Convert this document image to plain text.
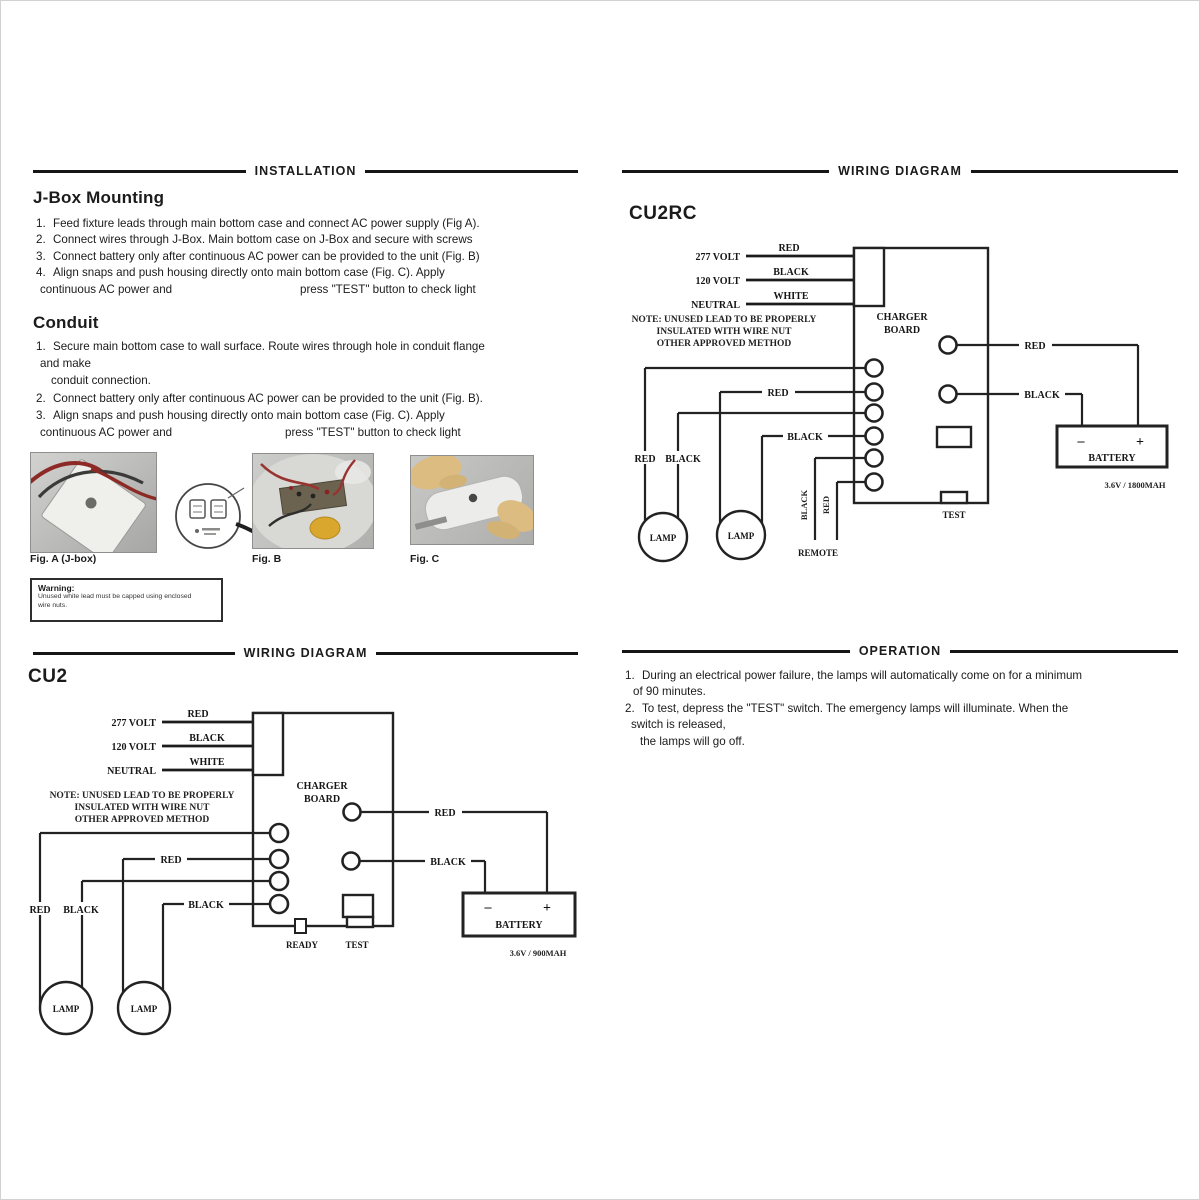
INSTALLATION	WIRING DIAGRAM
WIRING DIAGRAM	OPERATION
J-Box Mounting
1. Feed fixture leads through main bottom case and connect AC power supply (Fig A).
2. Connect wires through J-Box. Main bottom case on J-Box and secure with screws
3. Connect battery only after continuous AC power can be provided to the unit (Fig. B)
4. Align snaps and push housing directly onto main bottom case (Fig. C). Apply
continuous AC power and	press "TEST" button to check light
Conduit
1. Secure main bottom case to wall surface. Route wires through hole in conduit flange
and make
conduit connection.
2. Connect battery only after continuous AC power can be provided to the unit (Fig. B).
3. Align snaps and push housing directly onto main bottom case (Fig. C). Apply
continuous AC power and	press "TEST" button to check light
Fig. A (J-box)	Fig. B	Fig. C
Warning:
Unused white lead must be capped using enclosed
wire nuts.
CU2RC
277 VOLT
120 VOLT
NEUTRAL
RED
BLACK
WHITE
CHARGER
BOARD
NOTE: UNUSED LEAD TO BE PROPERLY
INSULATED WITH WIRE NUT
OTHER APPROVED METHOD
RED
BLACK
RED BLACK
BLACK RED
REMOTE
RED
BLACK
TEST
–	+
BATTERY
3.6V / 1800MAH
LAMP	LAMP
CU2
277 VOLT
120 VOLT
NEUTRAL
RED
BLACK
WHITE
CHARGER
BOARD
NOTE: UNUSED LEAD TO BE PROPERLY
INSULATED WITH WIRE NUT
OTHER APPROVED METHOD
RED
BLACK
RED BLACK
RED
BLACK
READY	TEST
–	+
BATTERY
3.6V / 900MAH
LAMP	LAMP
1. During an electrical power failure, the lamps will automatically come on for a minimum
of 90 minutes.
2. To test, depress the "TEST" switch. The emergency lamps will illuminate. When the
switch is released,
the lamps will go off.
